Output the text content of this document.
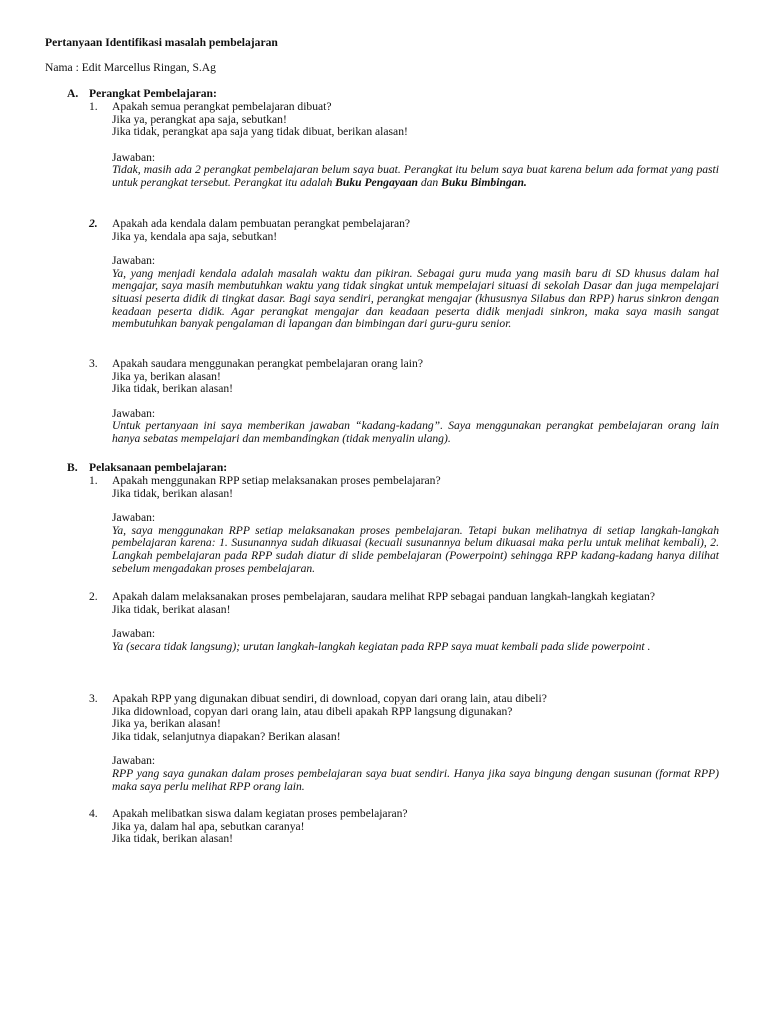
Pertanyaan Identifikasi masalah pembelajaran
Nama : Edit Marcellus Ringan, S.Ag
A. Perangkat Pembelajaran:
1.	Apakah semua perangkat pembelajaran dibuat?
Jika ya, perangkat apa saja, sebutkan!
Jika tidak, perangkat apa saja yang tidak dibuat, berikan alasan!
Jawaban:
Tidak, masih ada 2 perangkat pembelajaran belum saya buat. Perangkat itu belum saya buat karena belum ada format yang pasti untuk perangkat tersebut. Perangkat itu adalah Buku Pengayaan dan Buku Bimbingan.
2.	Apakah ada kendala dalam pembuatan perangkat pembelajaran?
Jika ya, kendala apa saja, sebutkan!
Jawaban:
Ya, yang menjadi kendala adalah masalah waktu dan pikiran. Sebagai guru muda yang masih baru di SD khusus dalam hal mengajar, saya masih membutuhkan waktu yang tidak singkat untuk mempelajari situasi di sekolah Dasar dan juga mempelajari situasi peserta didik di tingkat dasar. Bagi saya sendiri, perangkat mengajar (khususnya Silabus dan RPP) harus sinkron dengan keadaan peserta didik. Agar perangkat mengajar dan keadaan peserta didik menjadi sinkron, maka saya masih sangat membutuhkan banyak pengalaman di lapangan dan bimbingan dari guru-guru senior.
3.	Apakah saudara menggunakan perangkat pembelajaran orang lain?
Jika ya, berikan alasan!
Jika tidak, berikan alasan!
Jawaban:
Untuk pertanyaan ini saya memberikan jawaban “kadang-kadang”. Saya menggunakan perangkat pembelajaran orang lain hanya sebatas mempelajari dan membandingkan (tidak menyalin ulang).
B. Pelaksanaan pembelajaran:
1.	Apakah menggunakan RPP setiap melaksanakan proses pembelajaran?
Jika tidak, berikan alasan!
Jawaban:
Ya, saya menggunakan RPP setiap melaksanakan proses pembelajaran. Tetapi bukan melihatnya di setiap langkah-langkah pembelajaran karena: 1. Susunannya sudah dikuasai (kecuali susunannya belum dikuasai maka perlu untuk melihat kembali), 2. Langkah pembelajaran pada RPP sudah diatur di slide pembelajaran (Powerpoint) sehingga RPP kadang-kadang hanya dilihat sebelum mengadakan proses pembelajaran.
2.	Apakah dalam melaksanakan proses pembelajaran, saudara melihat RPP sebagai panduan langkah-langkah kegiatan?
Jika tidak, berikat alasan!
Jawaban:
Ya (secara tidak langsung); urutan langkah-langkah kegiatan pada RPP saya muat kembali pada slide powerpoint .
3.	Apakah RPP yang digunakan dibuat sendiri, di download, copyan dari orang lain, atau dibeli?
Jika didownload, copyan dari orang lain, atau dibeli apakah RPP langsung digunakan?
Jika ya, berikan alasan!
Jika tidak, selanjutnya diapakan? Berikan alasan!
Jawaban:
RPP yang saya gunakan dalam proses pembelajaran saya buat sendiri. Hanya jika saya bingung dengan susunan (format RPP) maka saya perlu melihat RPP orang lain.
4.	Apakah melibatkan siswa dalam kegiatan proses pembelajaran?
Jika ya, dalam hal apa, sebutkan caranya!
Jika tidak, berikan alasan!
